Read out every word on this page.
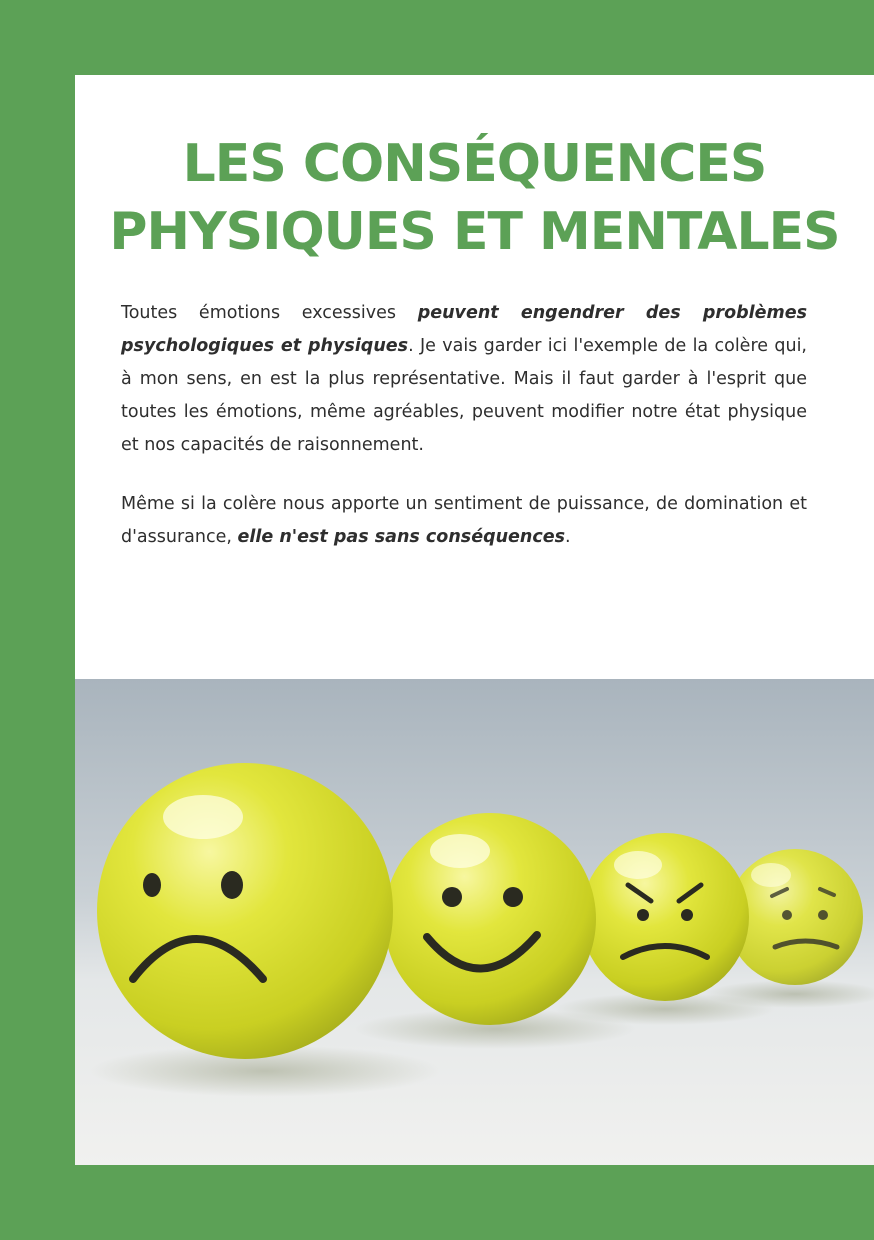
LES CONSÉQUENCES
PHYSIQUES ET MENTALES

Toutes émotions excessives peuvent engendrer des problèmes psychologiques et physiques. Je vais garder ici l'exemple de la colère qui, à mon sens, en est la plus représentative. Mais il faut garder à l'esprit que toutes les émotions, même agréables, peuvent modifier notre état physique et nos capacités de raisonnement.

Même si la colère nous apporte un sentiment de puissance, de domination et d'assurance, elle n'est pas sans conséquences.
